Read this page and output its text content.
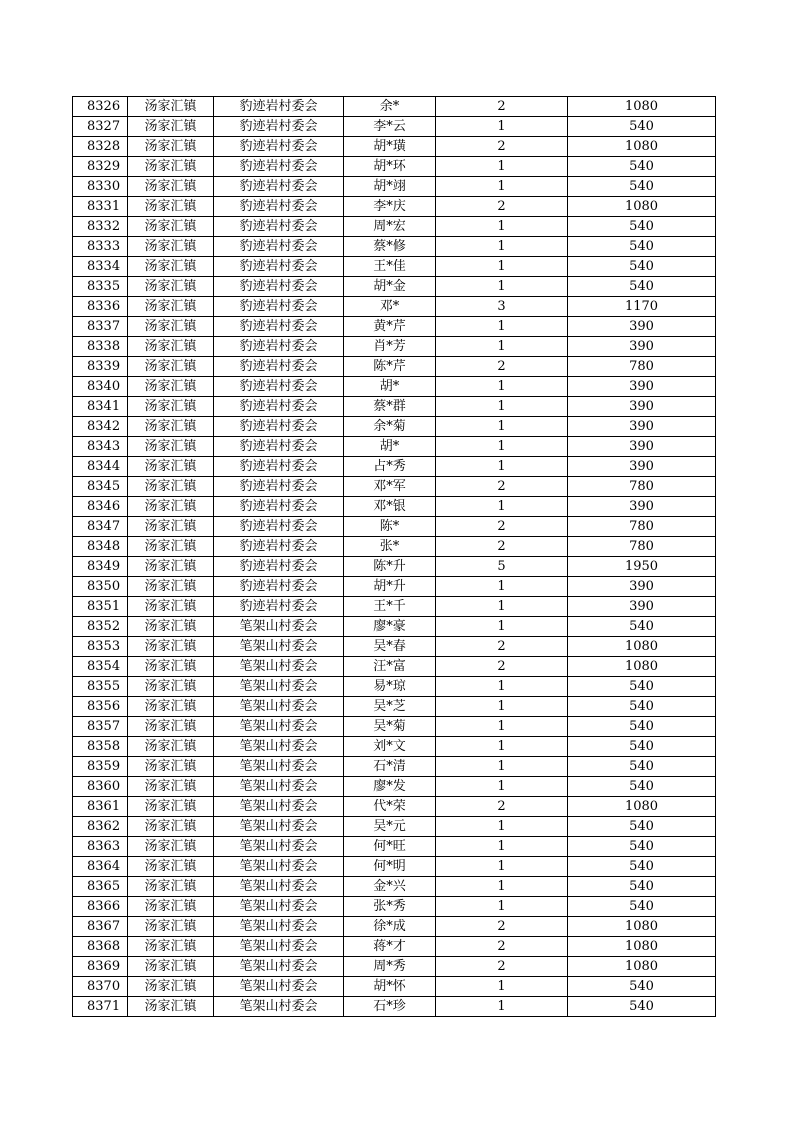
8326	汤家汇镇	豹迹岩村委会	余*	2	1080
8327	汤家汇镇	豹迹岩村委会	李*云	1	540
8328	汤家汇镇	豹迹岩村委会	胡*璜	2	1080
8329	汤家汇镇	豹迹岩村委会	胡*环	1	540
8330	汤家汇镇	豹迹岩村委会	胡*翊	1	540
8331	汤家汇镇	豹迹岩村委会	李*庆	2	1080
8332	汤家汇镇	豹迹岩村委会	周*宏	1	540
8333	汤家汇镇	豹迹岩村委会	蔡*修	1	540
8334	汤家汇镇	豹迹岩村委会	王*佳	1	540
8335	汤家汇镇	豹迹岩村委会	胡*金	1	540
8336	汤家汇镇	豹迹岩村委会	邓*	3	1170
8337	汤家汇镇	豹迹岩村委会	黄*芹	1	390
8338	汤家汇镇	豹迹岩村委会	肖*芳	1	390
8339	汤家汇镇	豹迹岩村委会	陈*芹	2	780
8340	汤家汇镇	豹迹岩村委会	胡*	1	390
8341	汤家汇镇	豹迹岩村委会	蔡*群	1	390
8342	汤家汇镇	豹迹岩村委会	余*菊	1	390
8343	汤家汇镇	豹迹岩村委会	胡*	1	390
8344	汤家汇镇	豹迹岩村委会	占*秀	1	390
8345	汤家汇镇	豹迹岩村委会	邓*军	2	780
8346	汤家汇镇	豹迹岩村委会	邓*银	1	390
8347	汤家汇镇	豹迹岩村委会	陈*	2	780
8348	汤家汇镇	豹迹岩村委会	张*	2	780
8349	汤家汇镇	豹迹岩村委会	陈*升	5	1950
8350	汤家汇镇	豹迹岩村委会	胡*升	1	390
8351	汤家汇镇	豹迹岩村委会	王*千	1	390
8352	汤家汇镇	笔架山村委会	廖*豪	1	540
8353	汤家汇镇	笔架山村委会	吴*春	2	1080
8354	汤家汇镇	笔架山村委会	汪*富	2	1080
8355	汤家汇镇	笔架山村委会	易*琼	1	540
8356	汤家汇镇	笔架山村委会	吴*芝	1	540
8357	汤家汇镇	笔架山村委会	吴*菊	1	540
8358	汤家汇镇	笔架山村委会	刘*文	1	540
8359	汤家汇镇	笔架山村委会	石*清	1	540
8360	汤家汇镇	笔架山村委会	廖*发	1	540
8361	汤家汇镇	笔架山村委会	代*荣	2	1080
8362	汤家汇镇	笔架山村委会	吴*元	1	540
8363	汤家汇镇	笔架山村委会	何*旺	1	540
8364	汤家汇镇	笔架山村委会	何*明	1	540
8365	汤家汇镇	笔架山村委会	金*兴	1	540
8366	汤家汇镇	笔架山村委会	张*秀	1	540
8367	汤家汇镇	笔架山村委会	徐*成	2	1080
8368	汤家汇镇	笔架山村委会	蒋*才	2	1080
8369	汤家汇镇	笔架山村委会	周*秀	2	1080
8370	汤家汇镇	笔架山村委会	胡*怀	1	540
8371	汤家汇镇	笔架山村委会	石*珍	1	540
